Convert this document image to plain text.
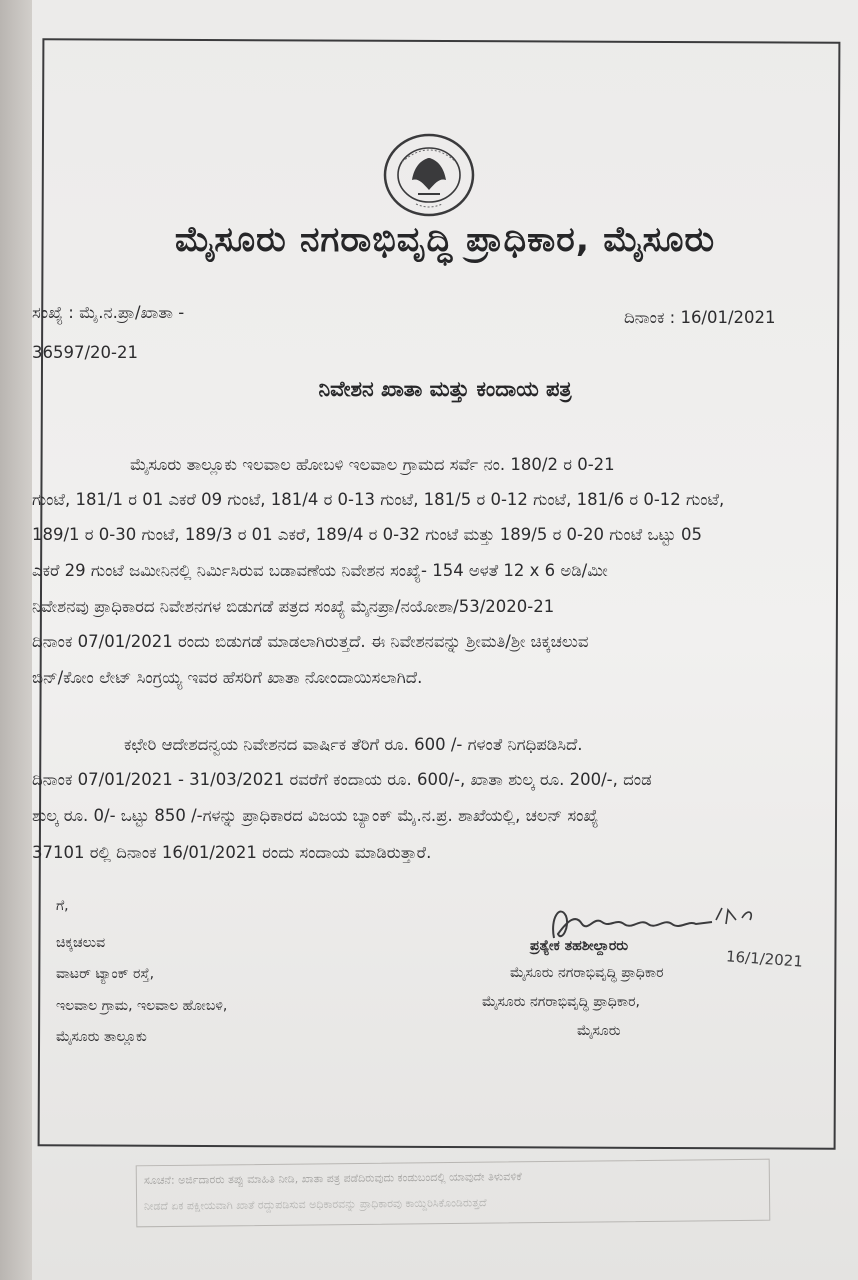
ಮೈಸೂರು ನಗರಾಭಿವೃದ್ಧಿ ಪ್ರಾಧಿಕಾರ, ಮೈಸೂರು
ಸಂಖ್ಯೆ : ಮೈ.ನ.ಪ್ರಾ/ಖಾತಾ -
36597/20-21
ದಿನಾಂಕ : 16/01/2021
ನಿವೇಶನ ಖಾತಾ ಮತ್ತು ಕಂದಾಯ ಪತ್ರ
ಮೈಸೂರು ತಾಲ್ಲೂಕು ಇಲವಾಲ ಹೋಬಳಿ ಇಲವಾಲ ಗ್ರಾಮದ ಸರ್ವೆ ನಂ. 180/2 ರ 0-21
ಗುಂಟೆ, 181/1 ರ 01 ಎಕರೆ 09 ಗುಂಟೆ, 181/4 ರ 0-13 ಗುಂಟೆ, 181/5 ರ 0-12 ಗುಂಟೆ, 181/6 ರ 0-12 ಗುಂಟೆ,
189/1 ರ 0-30 ಗುಂಟೆ, 189/3 ರ 01 ಎಕರೆ, 189/4 ರ 0-32 ಗುಂಟೆ ಮತ್ತು 189/5 ರ 0-20 ಗುಂಟೆ ಒಟ್ಟು 05
ಎಕರೆ 29 ಗುಂಟೆ ಜಮೀನಿನಲ್ಲಿ ನಿರ್ಮಿಸಿರುವ ಬಡಾವಣೆಯ ನಿವೇಶನ ಸಂಖ್ಯೆ- 154 ಅಳತೆ 12 x 6 ಅಡಿ/ಮೀ
ನಿವೇಶನವು ಪ್ರಾಧಿಕಾರದ ನಿವೇಶನಗಳ ಬಿಡುಗಡೆ ಪತ್ರದ ಸಂಖ್ಯೆ ಮೈನಪ್ರಾ/ನಯೋಶಾ/53/2020-21
ದಿನಾಂಕ 07/01/2021 ರಂದು ಬಿಡುಗಡೆ ಮಾಡಲಾಗಿರುತ್ತದೆ. ಈ ನಿವೇಶನವನ್ನು ಶ್ರೀಮತಿ/ಶ್ರೀ ಚಿಕ್ಕಚಲುವ
ಬಿನ್/ಕೋಂ ಲೇಟ್ ಸಿಂಗ್ರಯ್ಯ ಇವರ ಹೆಸರಿಗೆ ಖಾತಾ ನೋಂದಾಯಿಸಲಾಗಿದೆ.
ಕಛೇರಿ ಆದೇಶದನ್ವಯ ನಿವೇಶನದ ವಾರ್ಷಿಕ ತೆರಿಗೆ ರೂ. 600 /- ಗಳಂತೆ ನಿಗಧಿಪಡಿಸಿದೆ.
ದಿನಾಂಕ 07/01/2021 - 31/03/2021 ರವರೆಗೆ ಕಂದಾಯ ರೂ. 600/-, ಖಾತಾ ಶುಲ್ಕ ರೂ. 200/-, ದಂಡ
ಶುಲ್ಕ ರೂ. 0/- ಒಟ್ಟು 850 /-ಗಳನ್ನು ಪ್ರಾಧಿಕಾರದ ವಿಜಯ ಬ್ಯಾಂಕ್ ಮೈ.ನ.ಪ್ರ. ಶಾಖೆಯಲ್ಲಿ, ಚಲನ್ ಸಂಖ್ಯೆ
37101 ರಲ್ಲಿ ದಿನಾಂಕ 16/01/2021 ರಂದು ಸಂದಾಯ ಮಾಡಿರುತ್ತಾರೆ.
ಗೆ,
ಚಿಕ್ಕಚಲುವ
ವಾಟರ್ ಟ್ಯಾಂಕ್ ರಸ್ತೆ,
ಇಲವಾಲ ಗ್ರಾಮ, ಇಲವಾಲ ಹೋಬಳಿ,
ಮೈಸೂರು ತಾಲ್ಲೂಕು
16/1/2021
ಪ್ರತ್ಯೇಕ ತಹಶೀಲ್ದಾರರು
ಮೈಸೂರು ನಗರಾಭಿವೃದ್ಧಿ ಪ್ರಾಧಿಕಾರ
ಮೈಸೂರು ನಗರಾಭಿವೃದ್ಧಿ ಪ್ರಾಧಿಕಾರ,
ಮೈಸೂರು
ಸೂಚನೆ: ಅರ್ಜಿದಾರರು ತಪ್ಪು ಮಾಹಿತಿ ನೀಡಿ, ಖಾತಾ ಪತ್ರ ಪಡೆದಿರುವುದು ಕಂಡುಬಂದಲ್ಲಿ ಯಾವುದೇ ತಿಳುವಳಿಕೆ
ನೀಡದೆ ಏಕ ಪಕ್ಷೀಯವಾಗಿ ಖಾತೆ ರದ್ದುಪಡಿಸುವ ಅಧಿಕಾರವನ್ನು ಪ್ರಾಧಿಕಾರವು ಕಾಯ್ದಿರಿಸಿಕೊಂಡಿರುತ್ತದೆ
